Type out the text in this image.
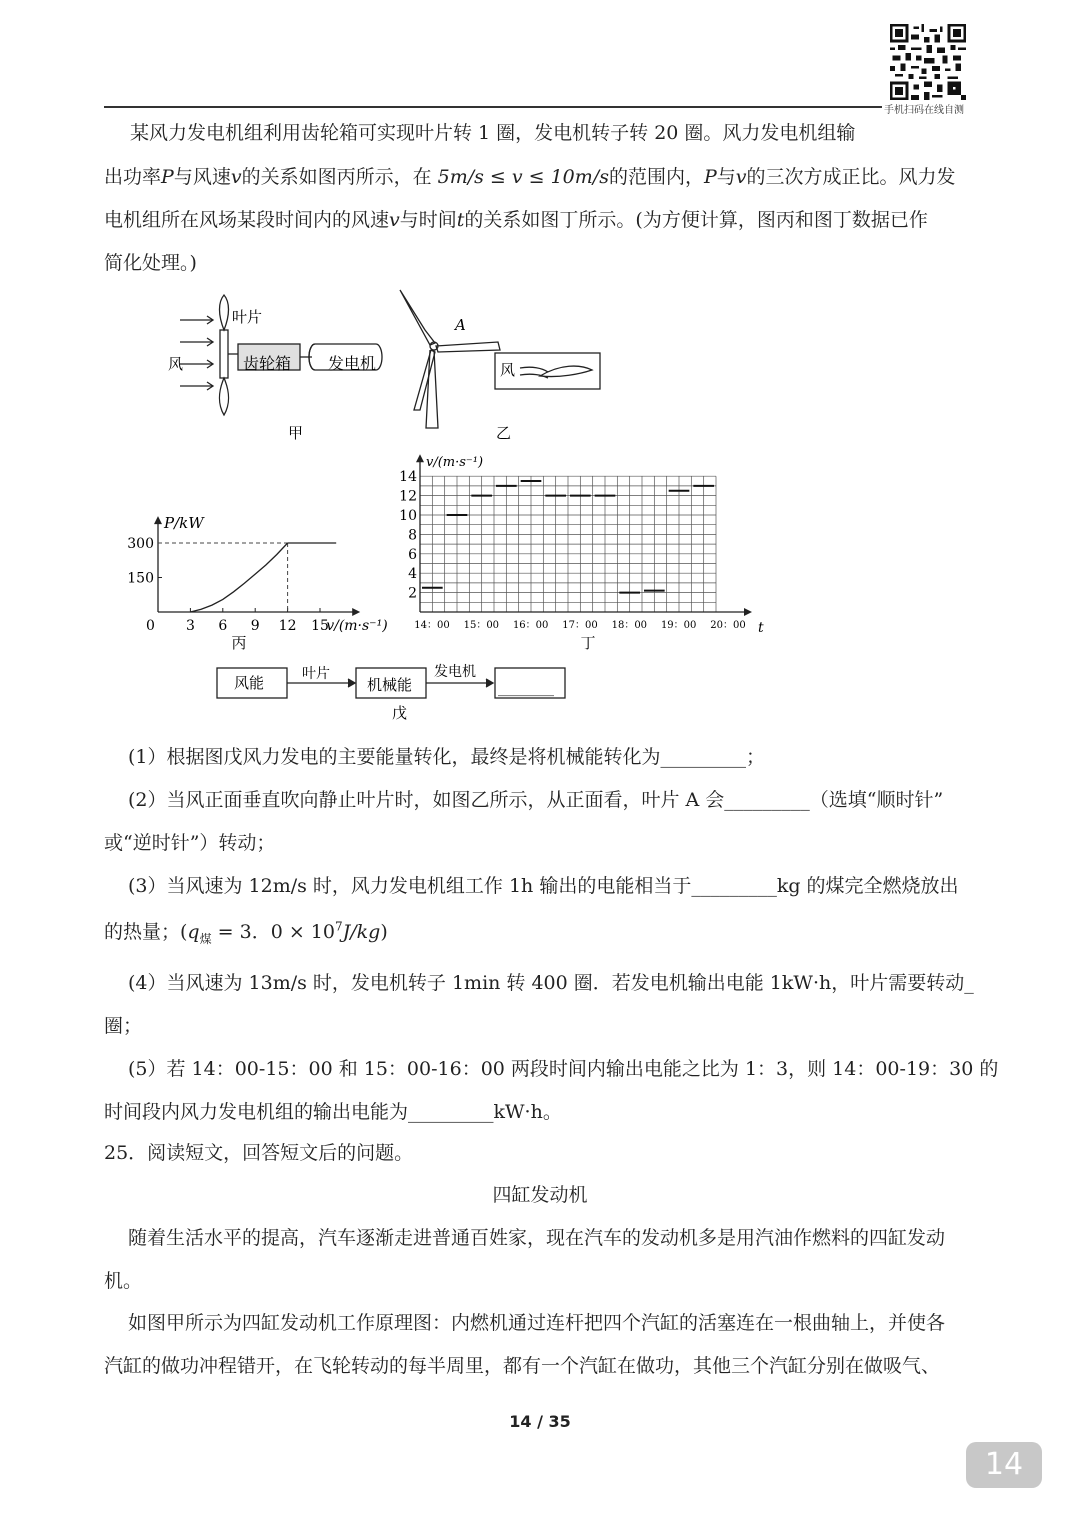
手机扫码在线自测
某风力发电机组利用齿轮箱可实现叶片转 1 圈，发电机转子转 20 圈。风力发电机组输
出功率P与风速v的关系如图丙所示，在 5m/s ≤ v ≤ 10m/s的范围内，P与v的三次方成正比。风力发
电机组所在风场某段时间内的风速v与时间t的关系如图丁所示。(为方便计算，图丙和图丁数据已作
简化处理。)
叶片
风	齿轮箱 发电机
甲
A
风
乙
P/kW
v/(m·s⁻¹)
0 3 6 9 12 15
150
300
丙
v/(m·s⁻¹)
t
2
4
6
8
10
12
14
14：00 15：00 16：00 17：00 18：00 19：00 20：00
丁
风能	叶片
机械能
发电机
________
戊
(1）根据图戊风力发电的主要能量转化，最终是将机械能转化为_________；
(2）当风正面垂直吹向静止叶片时，如图乙所示，从正面看，叶片 A 会_________（选填“顺时针”
或“逆时针”）转动；
(3）当风速为 12m/s 时，风力发电机组工作 1h 输出的电能相当于_________kg 的煤完全燃烧放出
的热量；($q_煤 = 3$．$0 \times 10^7J/kg$)
(4）当风速为 13m/s 时，发电机转子 1min 转 400 圈．若发电机输出电能 1kW·h，叶片需要转动_
圈；
(5）若 14：00-15：00 和 15：00-16：00 两段时间内输出电能之比为 1：3，则 14：00-19：30 的
时间段内风力发电机组的输出电能为_________kW·h。
25．阅读短文，回答短文后的问题。
四缸发动机
随着生活水平的提高，汽车逐渐走进普通百姓家，现在汽车的发动机多是用汽油作燃料的四缸发动
机。
如图甲所示为四缸发动机工作原理图：内燃机通过连杆把四个汽缸的活塞连在一根曲轴上，并使各
汽缸的做功冲程错开，在飞轮转动的每半周里，都有一个汽缸在做功，其他三个汽缸分别在做吸气、
14 / 35
14
